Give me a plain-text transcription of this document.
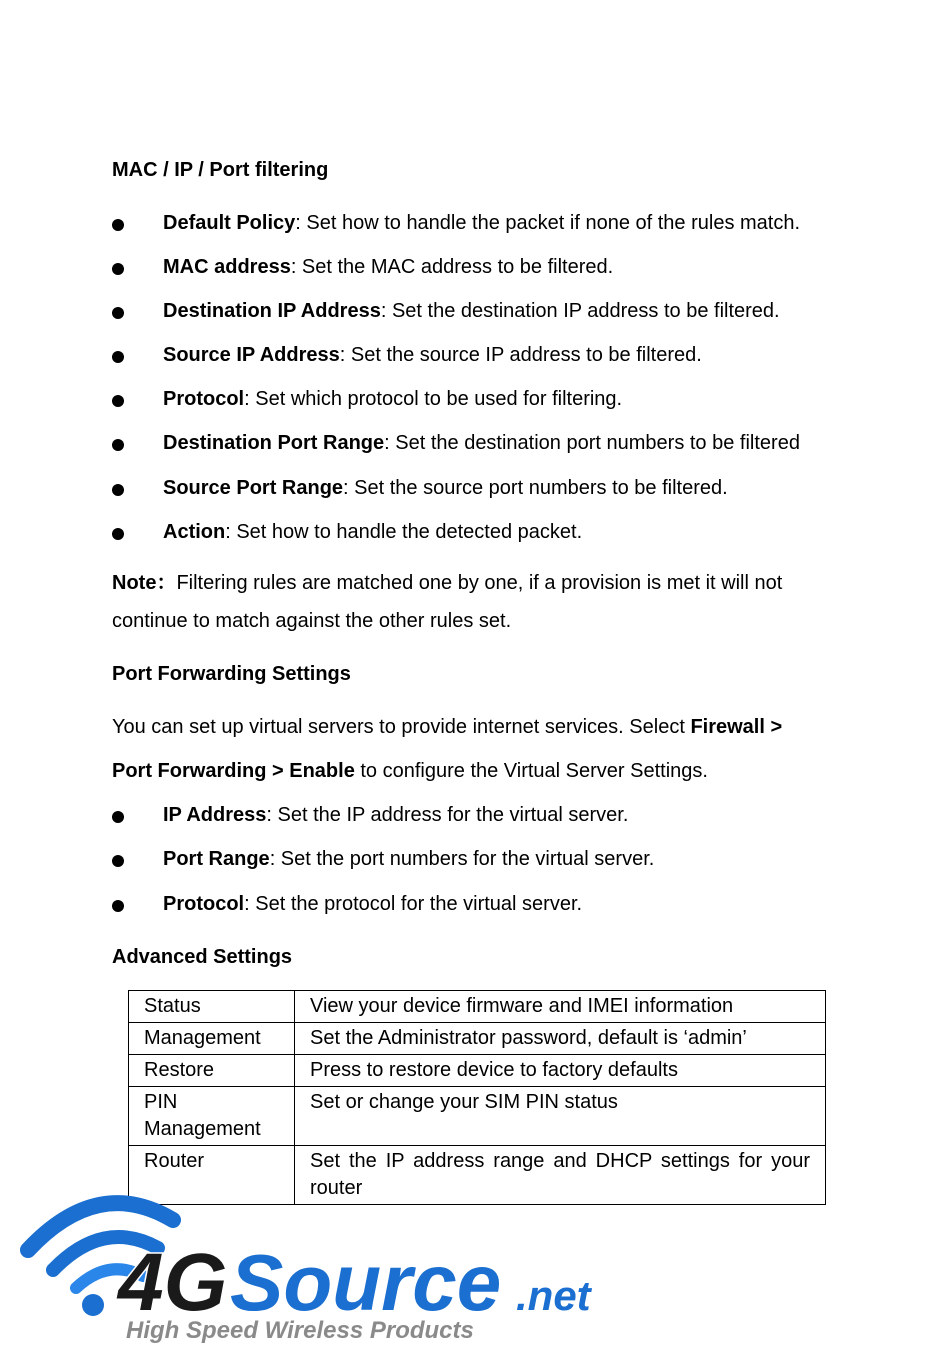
MAC / IP / Port filtering
Default Policy: Set how to handle the packet if none of the rules match.
MAC address: Set the MAC address to be filtered.
Destination IP Address: Set the destination IP address to be filtered.
Source IP Address: Set the source IP address to be filtered.
Protocol: Set which protocol to be used for filtering.
Destination Port Range: Set the destination port numbers to be filtered
Source Port Range: Set the source port numbers to be filtered.
Action: Set how to handle the detected packet.
Note：Filtering rules are matched one by one, if a provision is met it will not
continue to match against the other rules set.
Port Forwarding Settings
You can set up virtual servers to provide internet services. Select Firewall >
Port Forwarding > Enable to configure the Virtual Server Settings.
IP Address: Set the IP address for the virtual server.
Port Range: Set the port numbers for the virtual server.
Protocol: Set the protocol for the virtual server.
Advanced Settings
Status	View your device firmware and IMEI information
Management	Set the Administrator password, default is ‘admin’
Restore	Press to restore device to factory defaults
PIN Management	Set or change your SIM PIN status
Router	Set the IP address range and DHCP settings for your router
4G Source .net
High Speed Wireless Products
